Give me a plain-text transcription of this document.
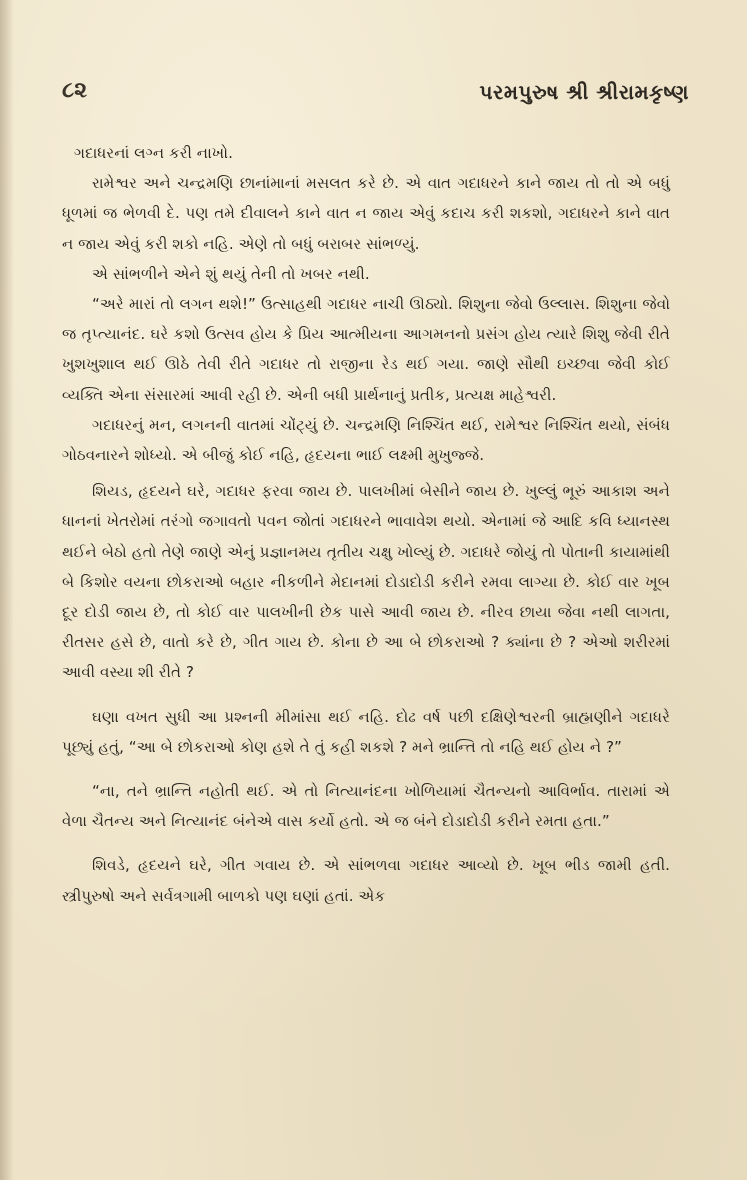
૮૨	પરમપુરુષ શ્રી શ્રીરામકૃષ્ણ

ગદાધરનાં લગ્ન કરી નાખો.

રામેશ્વર અને ચન્દ્રમણિ છાનાંમાનાં મસલત કરે છે. એ વાત ગદાધરને કાને જાય તો તો એ બધું ધૂળમાં જ ભેળવી દે. પણ તમે દીવાલને કાને વાત ન જાય એવું કદાચ કરી શકશો, ગદાધરને કાને વાત ન જાય એવું કરી શકો નહિ. એણે તો બધું બરાબર સાંભળ્યું.

એ સાંભળીને એને શું થયું તેની તો ખબર નથી.

“અરે મારાં તો લગન થશે!” ઉત્સાહથી ગદાધર નાચી ઊઠ્યો. શિશુના જેવો ઉલ્લાસ. શિશુના જેવો જ તૃપ્ત્યાનંદ. ઘરે કશો ઉત્સવ હોય કે પ્રિય આત્મીયના આગમનનો પ્રસંગ હોય ત્યારે શિશુ જેવી રીતે ખુશખુશાલ થઈ ઊઠે તેવી રીતે ગદાધર તો રાજીના રેડ થઈ ગયા. જાણે સૌથી ઇચ્છવા જેવી કોઈ વ્યક્તિ એના સંસારમાં આવી રહી છે. એની બધી પ્રાર્થનાનું પ્રતીક, પ્રત્યક્ષ માહેશ્વરી.

ગદાધરનું મન, લગનની વાતમાં ચોંટ્યું છે. ચન્દ્રમણિ નિશ્ચિંત થઈ, રામેશ્વર નિશ્ચિંત થયો, સંબંધ ગોઠવનારને શોધ્યો. એ બીજું કોઈ નહિ, હૃદયના ભાઈ લક્ષ્મી મુખુજ્જે.

શિયડ, હૃદયને ઘરે, ગદાધર ફરવા જાય છે. પાલખીમાં બેસીને જાય છે. ખુલ્લું ભૂરું આકાશ અને ધાનનાં ખેતરોમાં તરંગો જગાવતો પવન જોતાં ગદાધરને ભાવાવેશ થયો. એનામાં જે આદિ કવિ ધ્યાનસ્થ થઈને બેઠો હતો તેણે જાણે એનું પ્રજ્ઞાનમય તૃતીય ચક્ષુ ખોલ્યું છે. ગદાધરે જોયું તો પોતાની કાયામાંથી બે કિશોર વયના છોકરાઓ બહાર નીકળીને મેદાનમાં દોડાદોડી કરીને રમવા લાગ્યા છે. કોઈ વાર ખૂબ દૂર દોડી જાય છે, તો કોઈ વાર પાલખીની છેક પાસે આવી જાય છે. નીરવ છાયા જેવા નથી લાગતા, રીતસર હસે છે, વાતો કરે છે, ગીત ગાય છે. કોના છે આ બે છોકરાઓ ? ક્યાંના છે ? એઓ શરીરમાં આવી વસ્યા શી રીતે ?

ઘણા વખત સુધી આ પ્રશ્નની મીમાંસા થઈ નહિ. દોઢ વર્ષ પછી દક્ષિણેશ્વરની બ્રાહ્મણીને ગદાધરે પૂછ્યું હતું, “આ બે છોકરાઓ કોણ હશે તે તું કહી શકશે ? મને ભ્રાન્તિ તો નહિ થઈ હોય ને ?”

“ના, તને ભ્રાન્તિ નહોતી થઈ. એ તો નિત્યાનંદના ખોળિયામાં ચૈતન્યનો આવિર્ભાવ. તારામાં એ વેળા ચૈતન્ય અને નિત્યાનંદ બંનેએ વાસ કર્યો હતો. એ જ બંને દોડાદોડી કરીને રમતા હતા.”

શિવડે, હૃદયને ઘરે, ગીત ગવાય છે. એ સાંભળવા ગદાધર આવ્યો છે. ખૂબ ભીડ જામી હતી. સ્ત્રીપુરુષો અને સર્વત્રગામી બાળકો પણ ઘણાં હતાં. એક
